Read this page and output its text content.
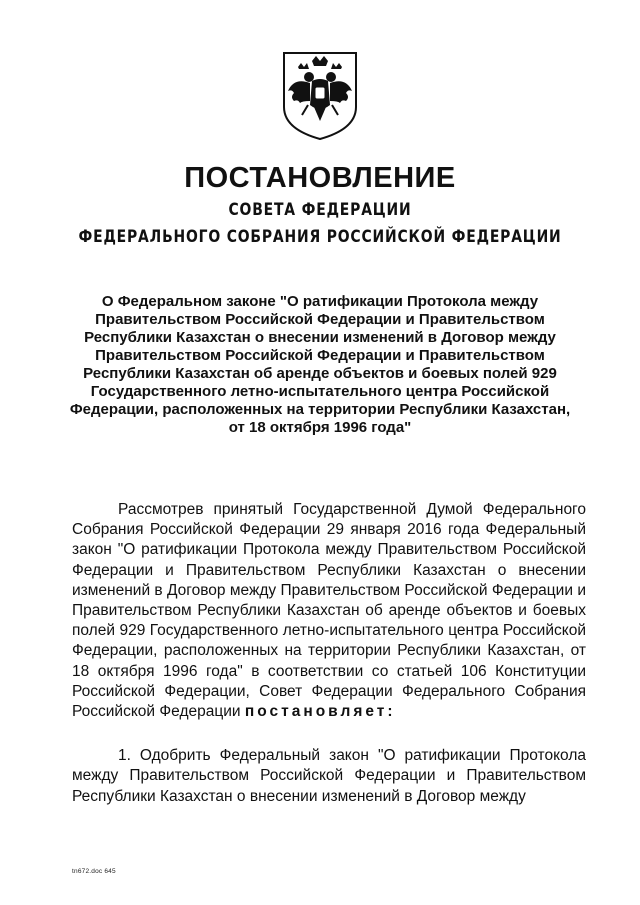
ПОСТАНОВЛЕНИЕ
СОВЕТА ФЕДЕРАЦИИ
ФЕДЕРАЛЬНОГО СОБРАНИЯ РОССИЙСКОЙ ФЕДЕРАЦИИ
О Федеральном законе "О ратификации Протокола между Правительством Российской Федерации и Правительством Республики Казахстан о внесении изменений в Договор между Правительством Российской Федерации и Правительством Республики Казахстан об аренде объектов и боевых полей 929 Государственного летно-испытательного центра Российской Федерации, расположенных на территории Республики Казахстан, от 18 октября 1996 года"

Рассмотрев принятый Государственной Думой Федерального Собрания Российской Федерации 29 января 2016 года Федеральный закон "О ратификации Протокола между Правительством Российской Федерации и Правительством Республики Казахстан о внесении изменений в Договор между Правительством Российской Федерации и Правительством Республики Казахстан об аренде объектов и боевых полей 929 Государственного летно-испытательного центра Российской Федерации, расположенных на территории Республики Казахстан, от 18 октября 1996 года" в соответствии со статьей 106 Конституции Российской Федерации, Совет Федерации Федерального Собрания Российской Федерации постановляет:

1. Одобрить Федеральный закон "О ратификации Протокола между Правительством Российской Федерации и Правительством Республики Казахстан о внесении изменений в Договор между

tn672.doc 645
